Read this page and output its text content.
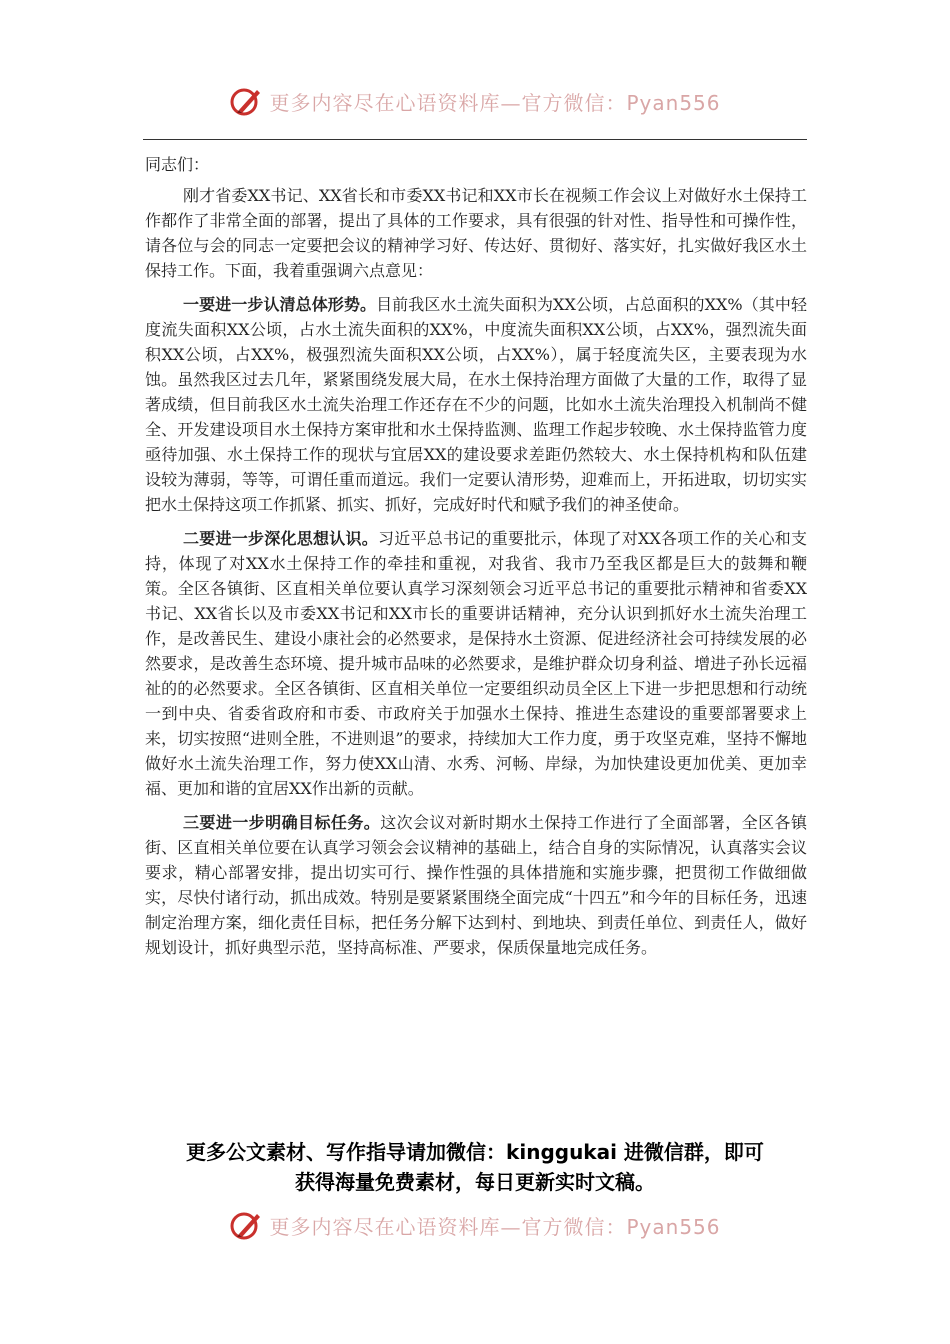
更多内容尽在心语资料库—官方微信：Pyan556

同志们：

刚才省委XX书记、XX省长和市委XX书记和XX市长在视频工作会议上对做好水土保持工作都作了非常全面的部署，提出了具体的工作要求，具有很强的针对性、指导性和可操作性，请各位与会的同志一定要把会议的精神学习好、传达好、贯彻好、落实好，扎实做好我区水土保持工作。下面，我着重强调六点意见：

一要进一步认清总体形势。目前我区水土流失面积为XX公顷，占总面积的XX%（其中轻度流失面积XX公顷，占水土流失面积的XX%，中度流失面积XX公顷，占XX%，强烈流失面积XX公顷，占XX%，极强烈流失面积XX公顷，占XX%），属于轻度流失区，主要表现为水蚀。虽然我区过去几年，紧紧围绕发展大局，在水土保持治理方面做了大量的工作，取得了显著成绩，但目前我区水土流失治理工作还存在不少的问题，比如水土流失治理投入机制尚不健全、开发建设项目水土保持方案审批和水土保持监测、监理工作起步较晚、水土保持监管力度亟待加强、水土保持工作的现状与宜居XX的建设要求差距仍然较大、水土保持机构和队伍建设较为薄弱，等等，可谓任重而道远。我们一定要认清形势，迎难而上，开拓进取，切切实实把水土保持这项工作抓紧、抓实、抓好，完成好时代和赋予我们的神圣使命。

二要进一步深化思想认识。习近平总书记的重要批示，体现了对XX各项工作的关心和支持，体现了对XX水土保持工作的牵挂和重视，对我省、我市乃至我区都是巨大的鼓舞和鞭策。全区各镇街、区直相关单位要认真学习深刻领会习近平总书记的重要批示精神和省委XX书记、XX省长以及市委XX书记和XX市长的重要讲话精神，充分认识到抓好水土流失治理工作，是改善民生、建设小康社会的必然要求，是保持水土资源、促进经济社会可持续发展的必然要求，是改善生态环境、提升城市品味的必然要求，是维护群众切身利益、增进子孙长远福祉的的必然要求。全区各镇街、区直相关单位一定要组织动员全区上下进一步把思想和行动统一到中央、省委省政府和市委、市政府关于加强水土保持、推进生态建设的重要部署要求上来，切实按照“进则全胜，不进则退”的要求，持续加大工作力度，勇于攻坚克难，坚持不懈地做好水土流失治理工作，努力使XX山清、水秀、河畅、岸绿，为加快建设更加优美、更加幸福、更加和谐的宜居XX作出新的贡献。

三要进一步明确目标任务。这次会议对新时期水土保持工作进行了全面部署，全区各镇街、区直相关单位要在认真学习领会会议精神的基础上，结合自身的实际情况，认真落实会议要求，精心部署安排，提出切实可行、操作性强的具体措施和实施步骤，把贯彻工作做细做实，尽快付诸行动，抓出成效。特别是要紧紧围绕全面完成“十四五”和今年的目标任务，迅速制定治理方案，细化责任目标，把任务分解下达到村、到地块、到责任单位、到责任人，做好规划设计，抓好典型示范，坚持高标准、严要求，保质保量地完成任务。

更多公文素材、写作指导请加微信：kinggukai 进微信群，即可
获得海量免费素材，每日更新实时文稿。
更多内容尽在心语资料库—官方微信：Pyan556
